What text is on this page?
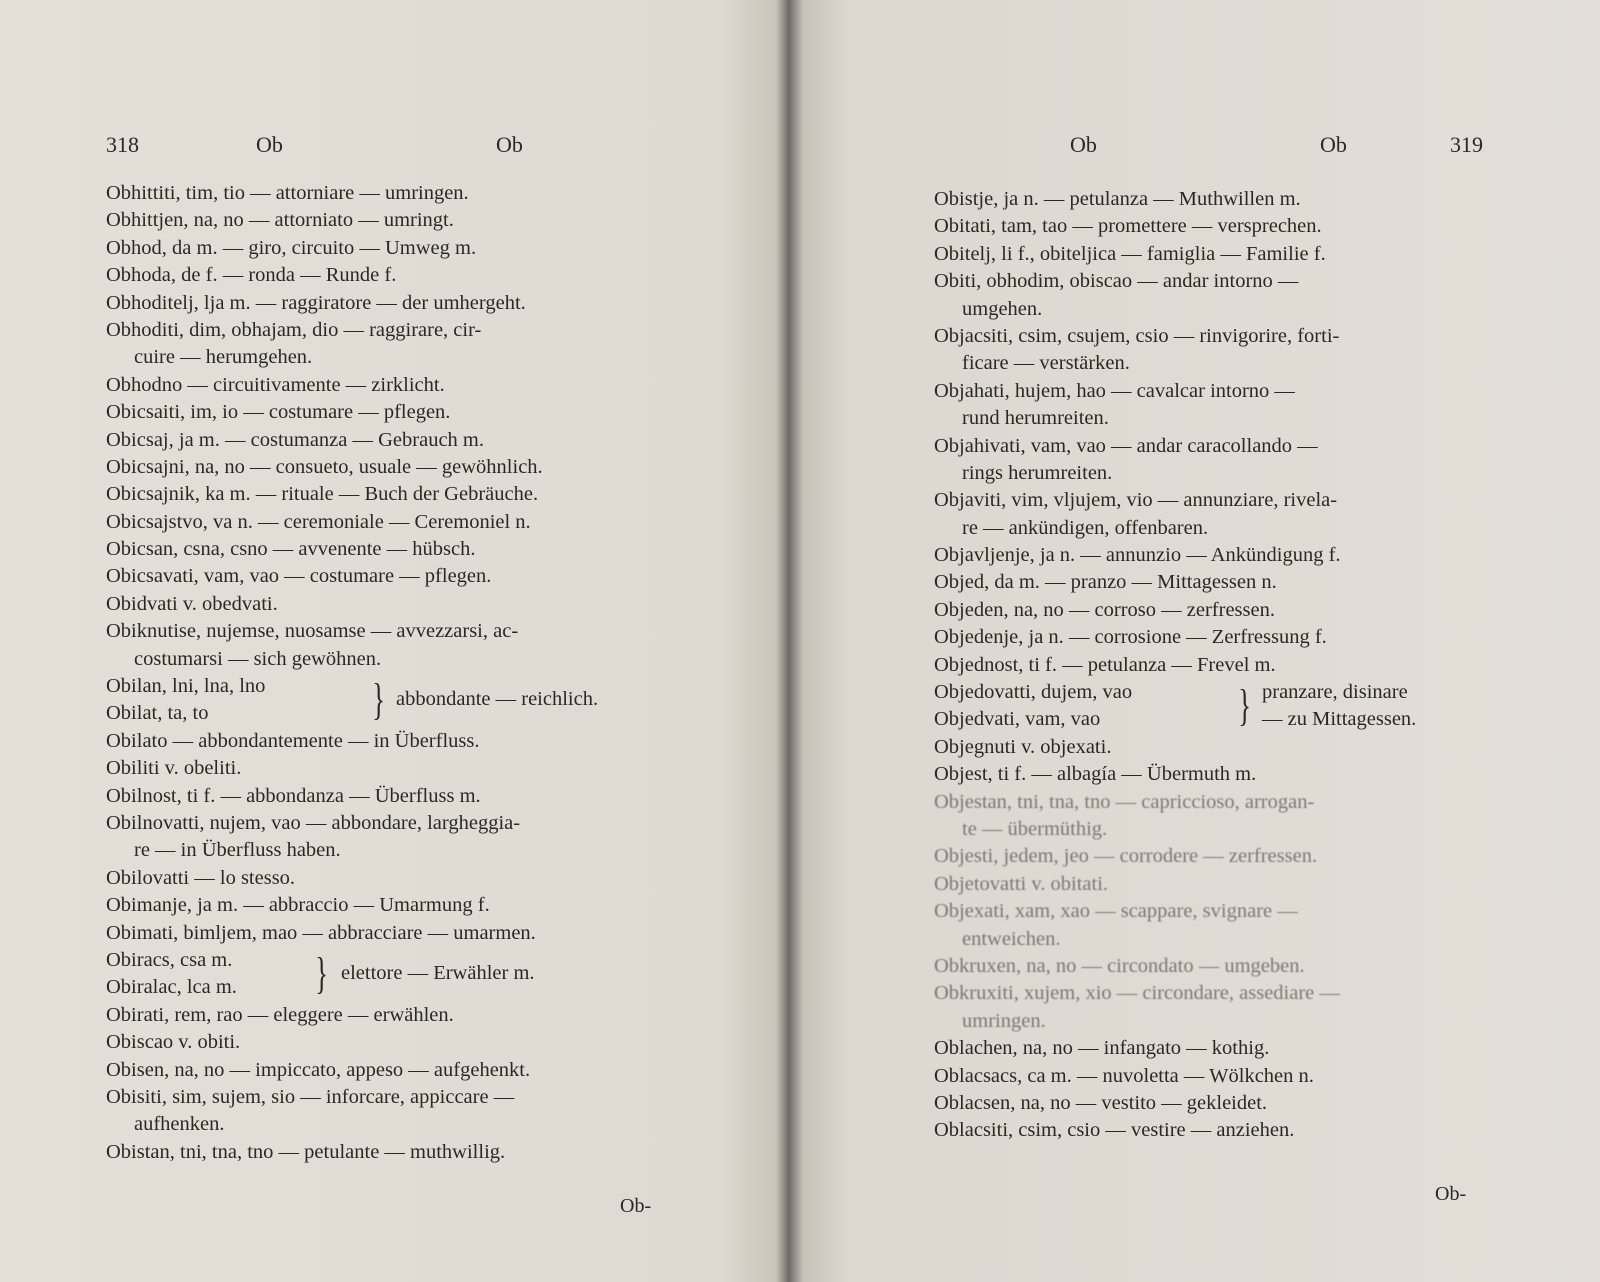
318	Ob	Ob
Obhittiti, tim, tio — attorniare — umringen.
Obhittjen, na, no — attorniato — umringt.
Obhod, da m. — giro, circuito — Umweg m.
Obhoda, de f. — ronda — Runde f.
Obhoditelj, lja m. — raggiratore — der umhergeht.
Obhoditi, dim, obhajam, dio — raggirare, cir-
cuire — herumgehen.
Obhodno — circuitivamente — zirklicht.
Obicsaiti, im, io — costumare — pflegen.
Obicsaj, ja m. — costumanza — Gebrauch m.
Obicsajni, na, no — consueto, usuale — gewöhnlich.
Obicsajnik, ka m. — rituale — Buch der Gebräuche.
Obicsajstvo, va n. — ceremoniale — Ceremoniel n.
Obicsan, csna, csno — avvenente — hübsch.
Obicsavati, vam, vao — costumare — pflegen.
Obidvati v. obedvati.
Obiknutise, nujemse, nuosamse — avvezzarsi, ac-
costumarsi — sich gewöhnen.
Obilan, lni, lna, lno
Obilat, ta, to	} abbondante — reichlich.
Obilato — abbondantemente — in Überfluss.
Obiliti v. obeliti.
Obilnost, ti f. — abbondanza — Überfluss m.
Obilnovatti, nujem, vao — abbondare, largheggia-
re — in Überfluss haben.
Obilovatti — lo stesso.
Obimanje, ja m. — abbraccio — Umarmung f.
Obimati, bimljem, mao — abbracciare — umarmen.
Obiracs, csa m.
Obiralac, lca m. } elettore — Erwähler m.
Obirati, rem, rao — eleggere — erwählen.
Obiscao v. obiti.
Obisen, na, no — impiccato, appeso — aufgehenkt.
Obisiti, sim, sujem, sio — inforcare, appiccare —
aufhenken.
Obistan, tni, tna, tno — petulante — muthwillig.
Ob-
Ob	Ob	319
Obistje, ja n. — petulanza — Muthwillen m.
Obitati, tam, tao — promettere — versprechen.
Obitelj, li f., obiteljica — famiglia — Familie f.
Obiti, obhodim, obiscao — andar intorno —
umgehen.
Objacsiti, csim, csujem, csio — rinvigorire, forti-
ficare — verstärken.
Objahati, hujem, hao — cavalcar intorno —
rund herumreiten.
Objahivati, vam, vao — andar caracollando —
rings herumreiten.
Objaviti, vim, vljujem, vio — annunziare, rivela-
re — ankündigen, offenbaren.
Objavljenje, ja n. — annunzio — Ankündigung f.
Objed, da m. — pranzo — Mittagessen n.
Objeden, na, no — corroso — zerfressen.
Objedenje, ja n. — corrosione — Zerfressung f.
Objednost, ti f. — petulanza — Frevel m.
Objedovatti, dujem, vao
Objedvati, vam, vao	} pranzare, disinare
— zu Mittagessen.
Objegnuti v. objexati.
Objest, ti f. — albagía — Übermuth m.
Objestan, tni, tna, tno — capriccioso, arrogan-
te — übermüthig.
Objesti, jedem, jeo — corrodere — zerfressen.
Objetovatti v. obitati.
Objexati, xam, xao — scappare, svignare —
entweichen.
Obkruxen, na, no — circondato — umgeben.
Obkruxiti, xujem, xio — circondare, assediare —
umringen.
Oblachen, na, no — infangato — kothig.
Oblacsacs, ca m. — nuvoletta — Wölkchen n.
Oblacsen, na, no — vestito — gekleidet.
Oblacsiti, csim, csio — vestire — anziehen.
Ob-
